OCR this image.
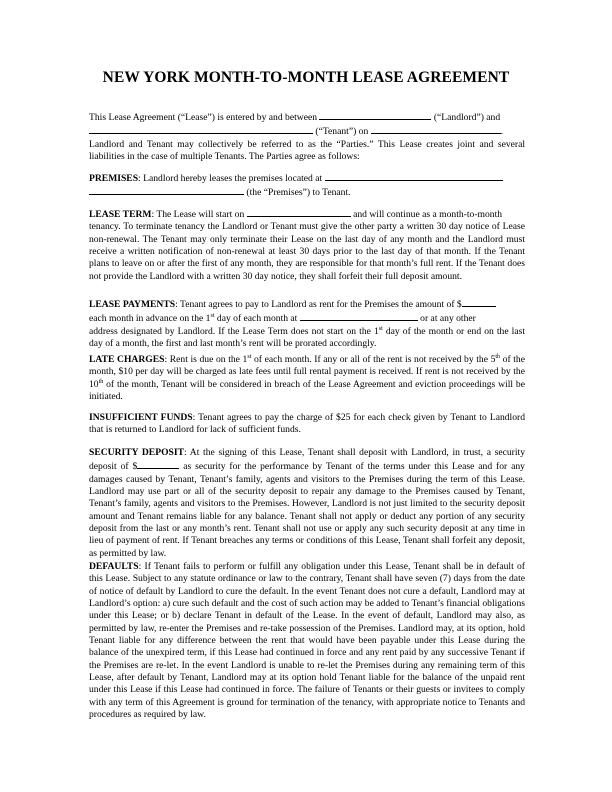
NEW YORK MONTH-TO-MONTH LEASE AGREEMENT
This Lease Agreement (“Lease”) is entered by and between	(“Landlord”) and
(“Tenant”) on	.
Landlord and Tenant may collectively be referred to as the “Parties.” This Lease creates joint and several liabilities in the case of multiple Tenants. The Parties agree as follows:
PREMISES: Landlord hereby leases the premises located at
(the “Premises”) to Tenant.
LEASE TERM: The Lease will start on	and will continue as a month-to-month
tenancy. To terminate tenancy the Landlord or Tenant must give the other party a written 30 day notice of Lease non-renewal. The Tenant may only terminate their Lease on the last day of any month and the Landlord must receive a written notification of non-renewal at least 30 days prior to the last day of that month. If the Tenant plans to leave on or after the first of any month, they are responsible for that month’s full rent. If the Tenant does not provide the Landlord with a written 30 day notice, they shall forfeit their full deposit amount.
LEASE PAYMENTS: Tenant agrees to pay to Landlord as rent for the Premises the amount of $
each month in advance on the 1st day of each month at	or at any other
address designated by Landlord. If the Lease Term does not start on the 1st day of the month or end on the last day of a month, the first and last month’s rent will be prorated accordingly.
LATE CHARGES: Rent is due on the 1st of each month. If any or all of the rent is not received by the 5th of the month, $10 per day will be charged as late fees until full rental payment is received. If rent is not received by the 10th of the month, Tenant will be considered in breach of the Lease Agreement and eviction proceedings will be initiated.
INSUFFICIENT FUNDS: Tenant agrees to pay the charge of $25 for each check given by Tenant to Landlord that is returned to Landlord for lack of sufficient funds.
SECURITY DEPOSIT: At the signing of this Lease, Tenant shall deposit with Landlord, in trust, a security deposit of $	as security for the performance by Tenant of the terms under this Lease and for any damages caused by Tenant, Tenant’s family, agents and visitors to the Premises during the term of this Lease. Landlord may use part or all of the security deposit to repair any damage to the Premises caused by Tenant, Tenant’s family, agents and visitors to the Premises. However, Landlord is not just limited to the security deposit amount and Tenant remains liable for any balance. Tenant shall not apply or deduct any portion of any security deposit from the last or any month’s rent. Tenant shall not use or apply any such security deposit at any time in lieu of payment of rent. If Tenant breaches any terms or conditions of this Lease, Tenant shall forfeit any deposit, as permitted by law.
DEFAULTS: If Tenant fails to perform or fulfill any obligation under this Lease, Tenant shall be in default of this Lease. Subject to any statute ordinance or law to the contrary, Tenant shall have seven (7) days from the date of notice of default by Landlord to cure the default. In the event Tenant does not cure a default, Landlord may at Landlord’s option: a) cure such default and the cost of such action may be added to Tenant’s financial obligations under this Lease; or b) declare Tenant in default of the Lease. In the event of default, Landlord may also, as permitted by law, re-enter the Premises and re-take possession of the Premises. Landlord may, at its option, hold Tenant liable for any difference between the rent that would have been payable under this Lease during the balance of the unexpired term, if this Lease had continued in force and any rent paid by any successive Tenant if the Premises are re-let. In the event Landlord is unable to re-let the Premises during any remaining term of this Lease, after default by Tenant, Landlord may at its option hold Tenant liable for the balance of the unpaid rent under this Lease if this Lease had continued in force. The failure of Tenants or their guests or invitees to comply with any term of this Agreement is ground for termination of the tenancy, with appropriate notice to Tenants and procedures as required by law.
